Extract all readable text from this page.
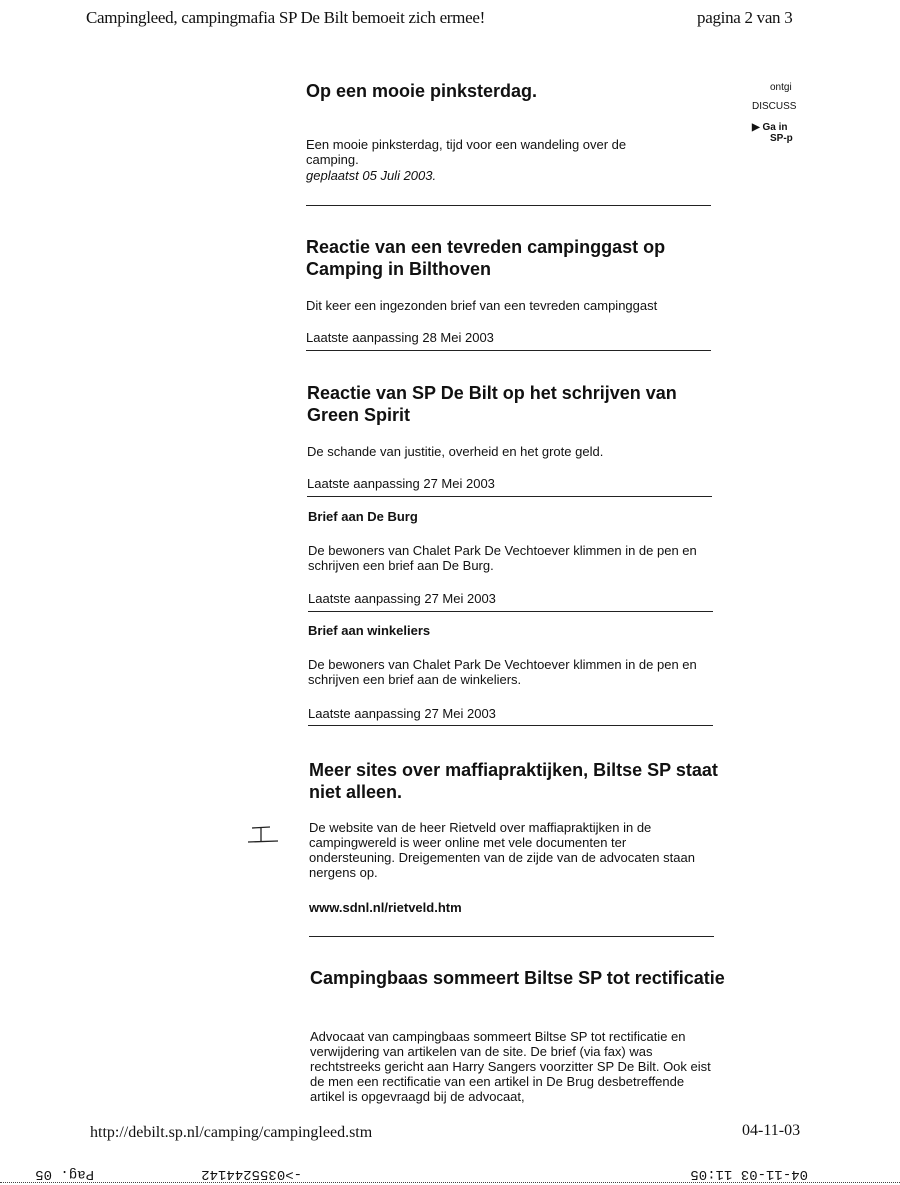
Campingleed, campingmafia SP De Bilt bemoeit zich ermee!	pagina 2 van 3
ontgi
DISCUSS
▶ Ga in
SP-p
Op een mooie pinksterdag.
Een mooie pinksterdag, tijd voor een wandeling over de camping.
geplaatst 05 Juli 2003.
Reactie van een tevreden campinggast op Camping in Bilthoven
Dit keer een ingezonden brief van een tevreden campinggast
Laatste aanpassing 28 Mei 2003
Reactie van SP De Bilt op het schrijven van Green Spirit
De schande van justitie, overheid en het grote geld.
Laatste aanpassing 27 Mei 2003
Brief aan De Burg
De bewoners van Chalet Park De Vechtoever klimmen in de pen en schrijven een brief aan De Burg.
Laatste aanpassing 27 Mei 2003
Brief aan winkeliers
De bewoners van Chalet Park De Vechtoever klimmen in de pen en schrijven een brief aan de winkeliers.
Laatste aanpassing 27 Mei 2003
Meer sites over maffiapraktijken, Biltse SP staat niet alleen.
De website van de heer Rietveld over maffiapraktijken in de campingwereld is weer online met vele documenten ter ondersteuning. Dreigementen van de zijde van de advocaten staan nergens op.
www.sdnl.nl/rietveld.htm
Campingbaas sommeert Biltse SP tot rectificatie
Advocaat van campingbaas sommeert Biltse SP tot rectificatie en verwijdering van artikelen van de site. De brief (via fax) was rechtstreeks gericht aan Harry Sangers voorzitter SP De Bilt. Ook eist de men een rectificatie van een artikel in De Brug desbetreffende artikel is opgevraagd bij de advocaat,
http://debilt.sp.nl/camping/campingleed.stm	04-11-03
04-11-03 11:05
->0355244142
Pag. 05
